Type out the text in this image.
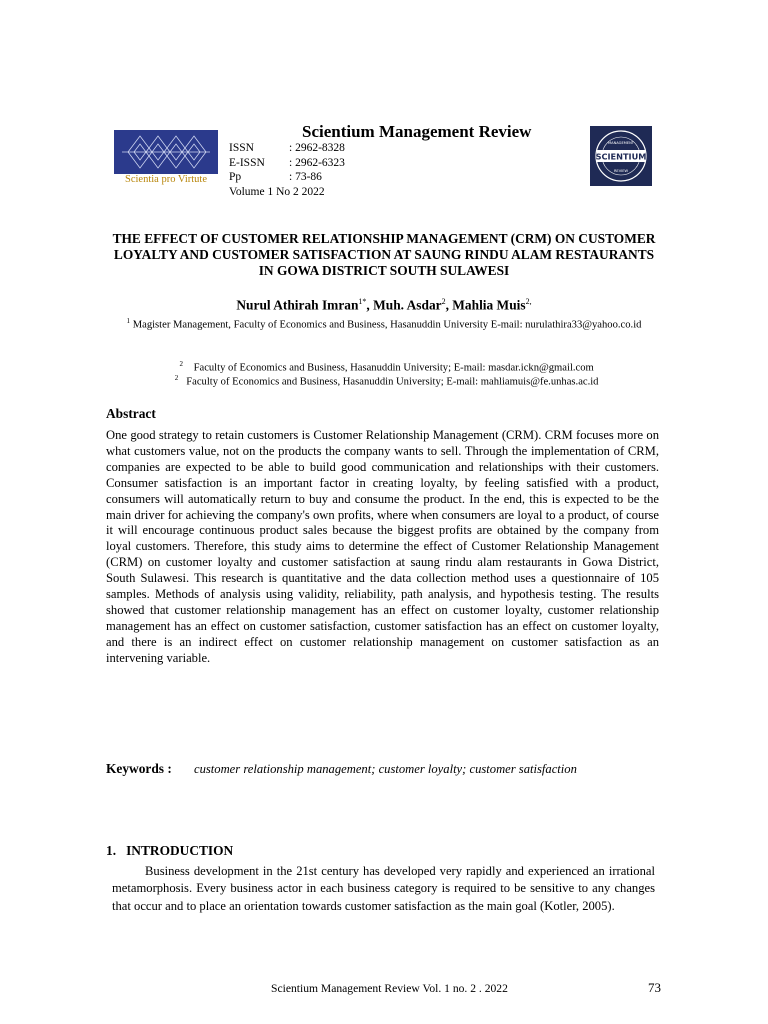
Scientia pro Virtute
Scientium Management Review
ISSN	: 2962-8328
E-ISSN	: 2962-6323
Pp	: 73-86
Volume 1 No 2 2022
SCIENTIUM
MANAGEMENT
REVIEW
THE EFFECT OF CUSTOMER RELATIONSHIP MANAGEMENT (CRM) ON CUSTOMER LOYALTY AND CUSTOMER SATISFACTION AT SAUNG RINDU ALAM RESTAURANTS IN GOWA DISTRICT SOUTH SULAWESI
Nurul Athirah Imran$^{1*}$, Muh. Asdar$^2$, Mahlia Muis$^{2,}$
$^1$ Magister Management, Faculty of Economics and Business, Hasanuddin University E-mail: nurulathira33@yahoo.co.id

$^2$    Faculty of Economics and Business, Hasanuddin University; E-mail: masdar.ickn@gmail.com

$^2$   Faculty of Economics and Business, Hasanuddin University; E-mail: mahliamuis@fe.unhas.ac.id

Abstract
One good strategy to retain customers is Customer Relationship Management (CRM). CRM focuses more on what customers value, not on the products the company wants to sell. Through the implementation of CRM, companies are expected to be able to build good communication and relationships with their customers. Consumer satisfaction is an important factor in creating loyalty, by feeling satisfied with a product, consumers will automatically return to buy and consume the product. In the end, this is expected to be the main driver for achieving the company's own profits, where when consumers are loyal to a product, of course it will encourage continuous product sales because the biggest profits are obtained by the company from loyal customers. Therefore, this study aims to determine the effect of Customer Relationship Management (CRM) on customer loyalty and customer satisfaction at saung rindu alam restaurants in Gowa District, South Sulawesi. This research is quantitative and the data collection method uses a questionnaire of 105 samples. Methods of analysis using validity, reliability, path analysis, and hypothesis testing. The results showed that customer relationship management has an effect on customer loyalty, customer relationship management has an effect on customer satisfaction, customer satisfaction has an effect on customer loyalty, and there is an indirect effect on customer relationship management on customer satisfaction as an intervening variable.
Keywords : customer relationship management; customer loyalty; customer satisfaction
1.   INTRODUCTION
Business development in the 21st century has developed very rapidly and experienced an irrational metamorphosis. Every business actor in each business category is required to be sensitive to any changes that occur and to place an orientation towards customer satisfaction as the main goal (Kotler, 2005).
Scientium Management Review Vol. 1 no. 2 . 2022	73
